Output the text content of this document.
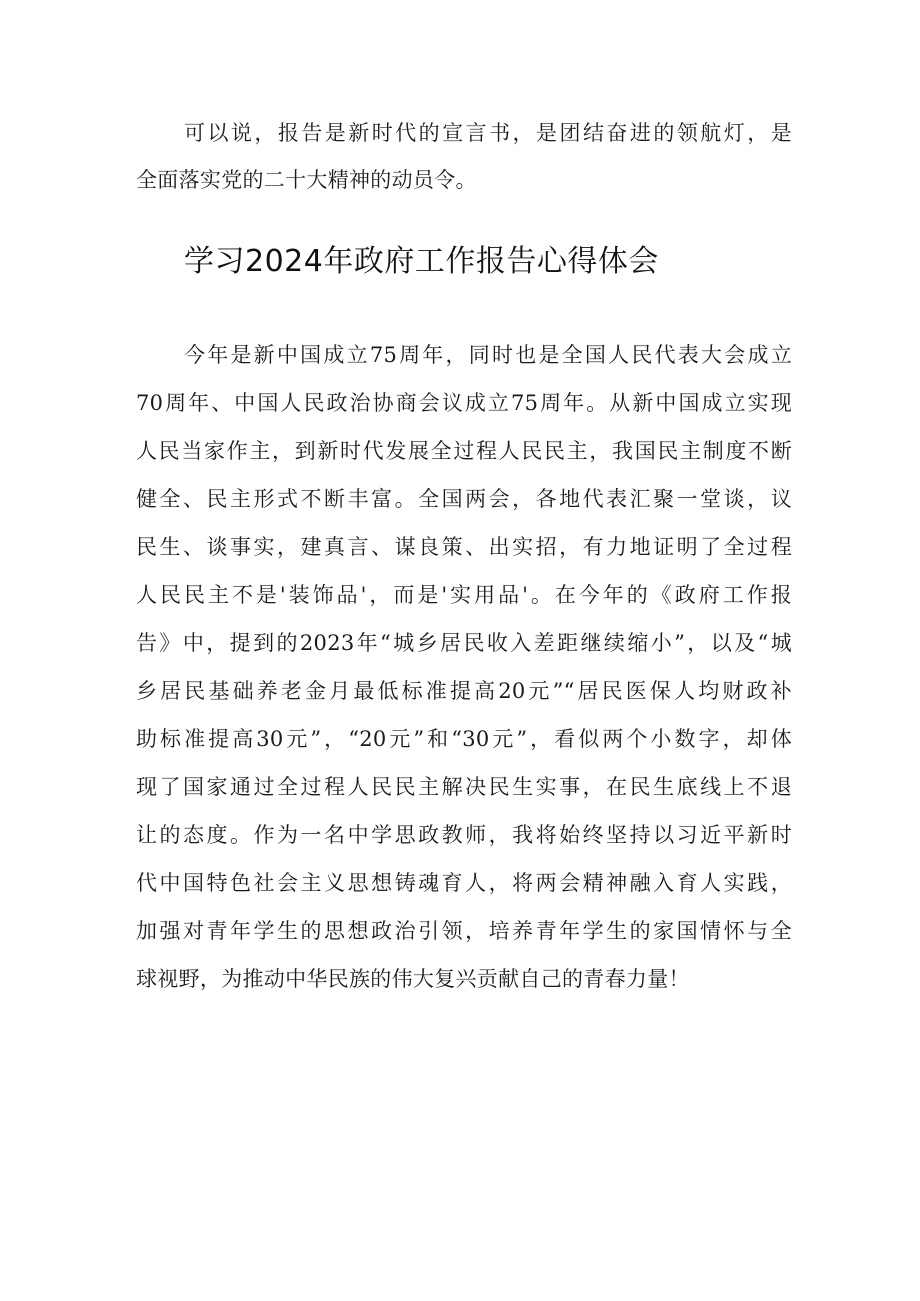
可以说，报告是新时代的宣言书，是团结奋进的领航灯，是
全面落实党的二十大精神的动员令。
学习2024年政府工作报告心得体会
今年是新中国成立75周年，同时也是全国人民代表大会成立
70周年、中国人民政治协商会议成立75周年。从新中国成立实现
人民当家作主，到新时代发展全过程人民民主，我国民主制度不断
健全、民主形式不断丰富。全国两会，各地代表汇聚一堂谈，议
民生、谈事实，建真言、谋良策、出实招，有力地证明了全过程
人民民主不是'装饰品'，而是'实用品'。在今年的《政府工作报
告》中，提到的2023年“城乡居民收入差距继续缩小”，以及“城
乡居民基础养老金月最低标准提高20元”“居民医保人均财政补
助标准提高30元”，“20元”和“30元”，看似两个小数字，却体
现了国家通过全过程人民民主解决民生实事，在民生底线上不退
让的态度。作为一名中学思政教师，我将始终坚持以习近平新时
代中国特色社会主义思想铸魂育人，将两会精神融入育人实践，
加强对青年学生的思想政治引领，培养青年学生的家国情怀与全
球视野，为推动中华民族的伟大复兴贡献自己的青春力量！
